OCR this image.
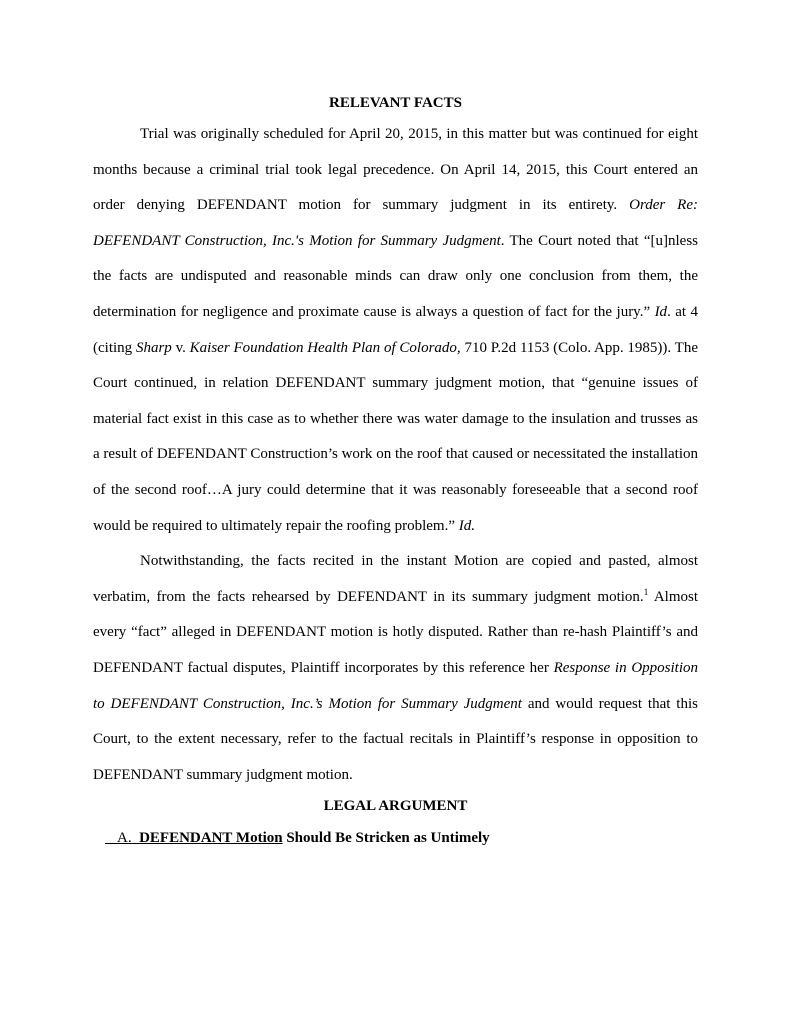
RELEVANT FACTS

Trial was originally scheduled for April 20, 2015, in this matter but was continued for eight months because a criminal trial took legal precedence. On April 14, 2015, this Court entered an order denying DEFENDANT motion for summary judgment in its entirety. Order Re: DEFENDANT Construction, Inc.'s Motion for Summary Judgment. The Court noted that “[u]nless the facts are undisputed and reasonable minds can draw only one conclusion from them, the determination for negligence and proximate cause is always a question of fact for the jury.” Id. at 4 (citing Sharp v. Kaiser Foundation Health Plan of Colorado, 710 P.2d 1153 (Colo. App. 1985)). The Court continued, in relation DEFENDANT summary judgment motion, that “genuine issues of material fact exist in this case as to whether there was water damage to the insulation and trusses as a result of DEFENDANT Construction’s work on the roof that caused or necessitated the installation of the second roof…A jury could determine that it was reasonably foreseeable that a second roof would be required to ultimately repair the roofing problem.” Id.

Notwithstanding, the facts recited in the instant Motion are copied and pasted, almost verbatim, from the facts rehearsed by DEFENDANT in its summary judgment motion.$^1$ Almost every “fact” alleged in DEFENDANT motion is hotly disputed. Rather than re-hash Plaintiff’s and DEFENDANT factual disputes, Plaintiff incorporates by this reference her Response in Opposition to DEFENDANT Construction, Inc.’s Motion for Summary Judgment and would request that this Court, to the extent necessary, refer to the factual recitals in Plaintiff’s response in opposition to DEFENDANT summary judgment motion.

LEGAL ARGUMENT
A. DEFENDANT Motion Should Be Stricken as Untimely
